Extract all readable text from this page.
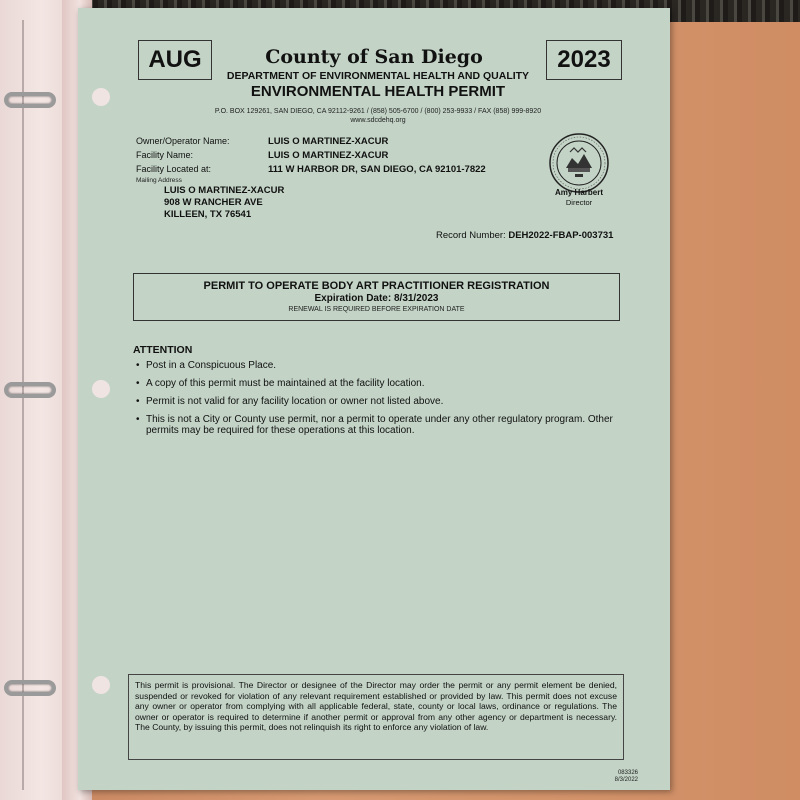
AUG	2023
County of San Diego
DEPARTMENT OF ENVIRONMENTAL HEALTH AND QUALITY
ENVIRONMENTAL HEALTH PERMIT
P.O. BOX 129261, SAN DIEGO, CA 92112-9261 / (858) 505-6700 / (800) 253-9933 / FAX (858) 999-8920
www.sdcdehq.org
Owner/Operator Name:	LUIS O MARTINEZ-XACUR
Facility Name:	LUIS O MARTINEZ-XACUR
Facility Located at:	111 W HARBOR DR, SAN DIEGO, CA 92101-7822
Mailing Address
LUIS O MARTINEZ-XACUR
908 W RANCHER AVE
KILLEEN, TX 76541
Amy Harbert
Director
Record Number: DEH2022-FBAP-003731
PERMIT TO OPERATE BODY ART PRACTITIONER REGISTRATION
Expiration Date: 8/31/2023
RENEWAL IS REQUIRED BEFORE EXPIRATION DATE
ATTENTION
• Post in a Conspicuous Place.
• A copy of this permit must be maintained at the facility location.
• Permit is not valid for any facility location or owner not listed above.
• This is not a City or County use permit, nor a permit to operate under any other regulatory program. Other permits may be required for these operations at this location.
This permit is provisional. The Director or designee of the Director may order the permit or any permit element be denied, suspended or revoked for violation of any relevant requirement established or provided by law. This permit does not excuse any owner or operator from complying with all applicable federal, state, county or local laws, ordinance or regulations. The owner or operator is required to determine if another permit or approval from any other agency or department is necessary. The County, by issuing this permit, does not relinquish its right to enforce any violation of law.
083326
8/3/2022
